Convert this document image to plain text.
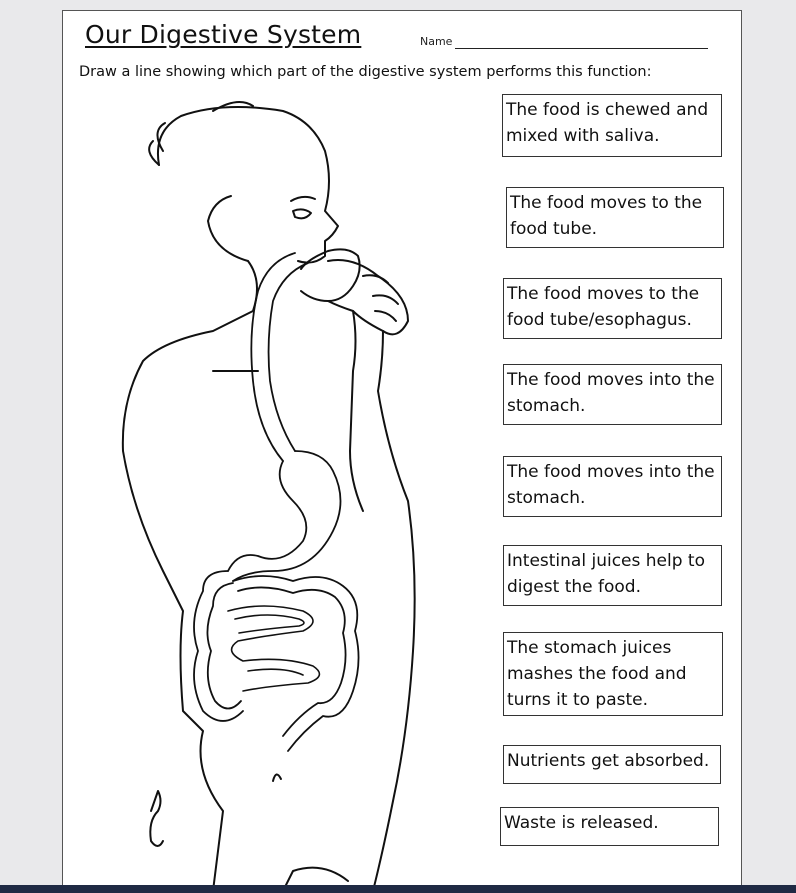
Our Digestive System	Name
Draw a line showing which part of the digestive system performs this function:
The food is chewed and mixed with saliva.
The food moves to the food tube.
The food moves to the food tube/esophagus.
The food moves into the stomach.
The food moves into the stomach.
Intestinal juices help to digest the food.
The stomach juices mashes the food and turns it to paste.
Nutrients get absorbed.
Waste is released.
